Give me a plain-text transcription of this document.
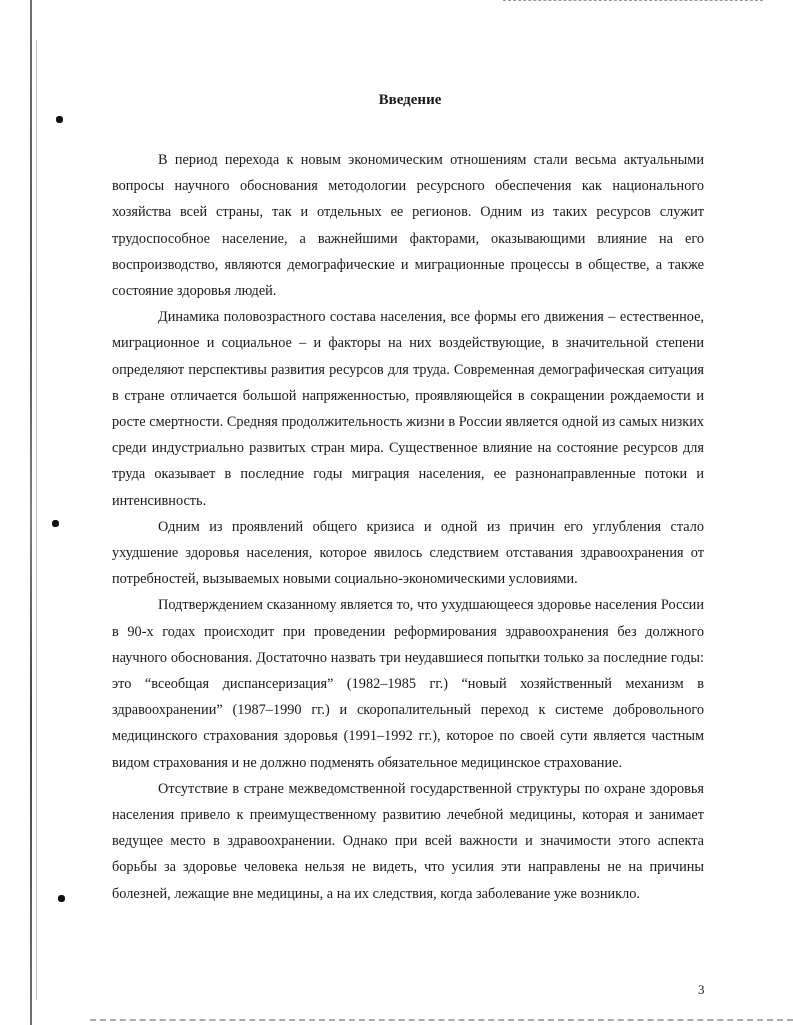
Введение

В период перехода к новым экономическим отношениям стали весьма актуальными вопросы научного обоснования методологии ресурсного обеспечения как национального хозяйства всей страны, так и отдельных ее регионов. Одним из таких ресурсов служит трудоспособное население, а важнейшими факторами, оказывающими влияние на его воспроизводство, являются демографические и миграционные процессы в обществе, а также состояние здоровья людей.

Динамика половозрастного состава населения, все формы его движения – естественное, миграционное и социальное – и факторы на них воздействующие, в значительной степени определяют перспективы развития ресурсов для труда. Современная демографическая ситуация в стране отличается большой напряженностью, проявляющейся в сокращении рождаемости и росте смертности. Средняя продолжительность жизни в России является одной из самых низких среди индустриально развитых стран мира. Существенное влияние на состояние ресурсов для труда оказывает в последние годы миграция населения, ее разнонаправленные потоки и интенсивность.

Одним из проявлений общего кризиса и одной из причин его углубления стало ухудшение здоровья населения, которое явилось следствием отставания здравоохранения от потребностей, вызываемых новыми социально-экономическими условиями.

Подтверждением сказанному является то, что ухудшающееся здоровье населения России в 90-х годах происходит при проведении реформирования здравоохранения без должного научного обоснования. Достаточно назвать три неудавшиеся попытки только за последние годы: это “всеобщая диспансеризация” (1982–1985 гг.) “новый хозяйственный механизм в здравоохранении” (1987–1990 гг.) и скоропалительный переход к системе добровольного медицинского страхования здоровья (1991–1992 гг.), которое по своей сути является частным видом страхования и не должно подменять обязательное медицинское страхование.

Отсутствие в стране межведомственной государственной структуры по охране здоровья населения привело к преимущественному развитию лечебной медицины, которая и занимает ведущее место в здравоохранении. Однако при всей важности и значимости этого аспекта борьбы за здоровье человека нельзя не видеть, что усилия эти направлены не на причины болезней, лежащие вне медицины, а на их следствия, когда заболевание уже возникло.

3
